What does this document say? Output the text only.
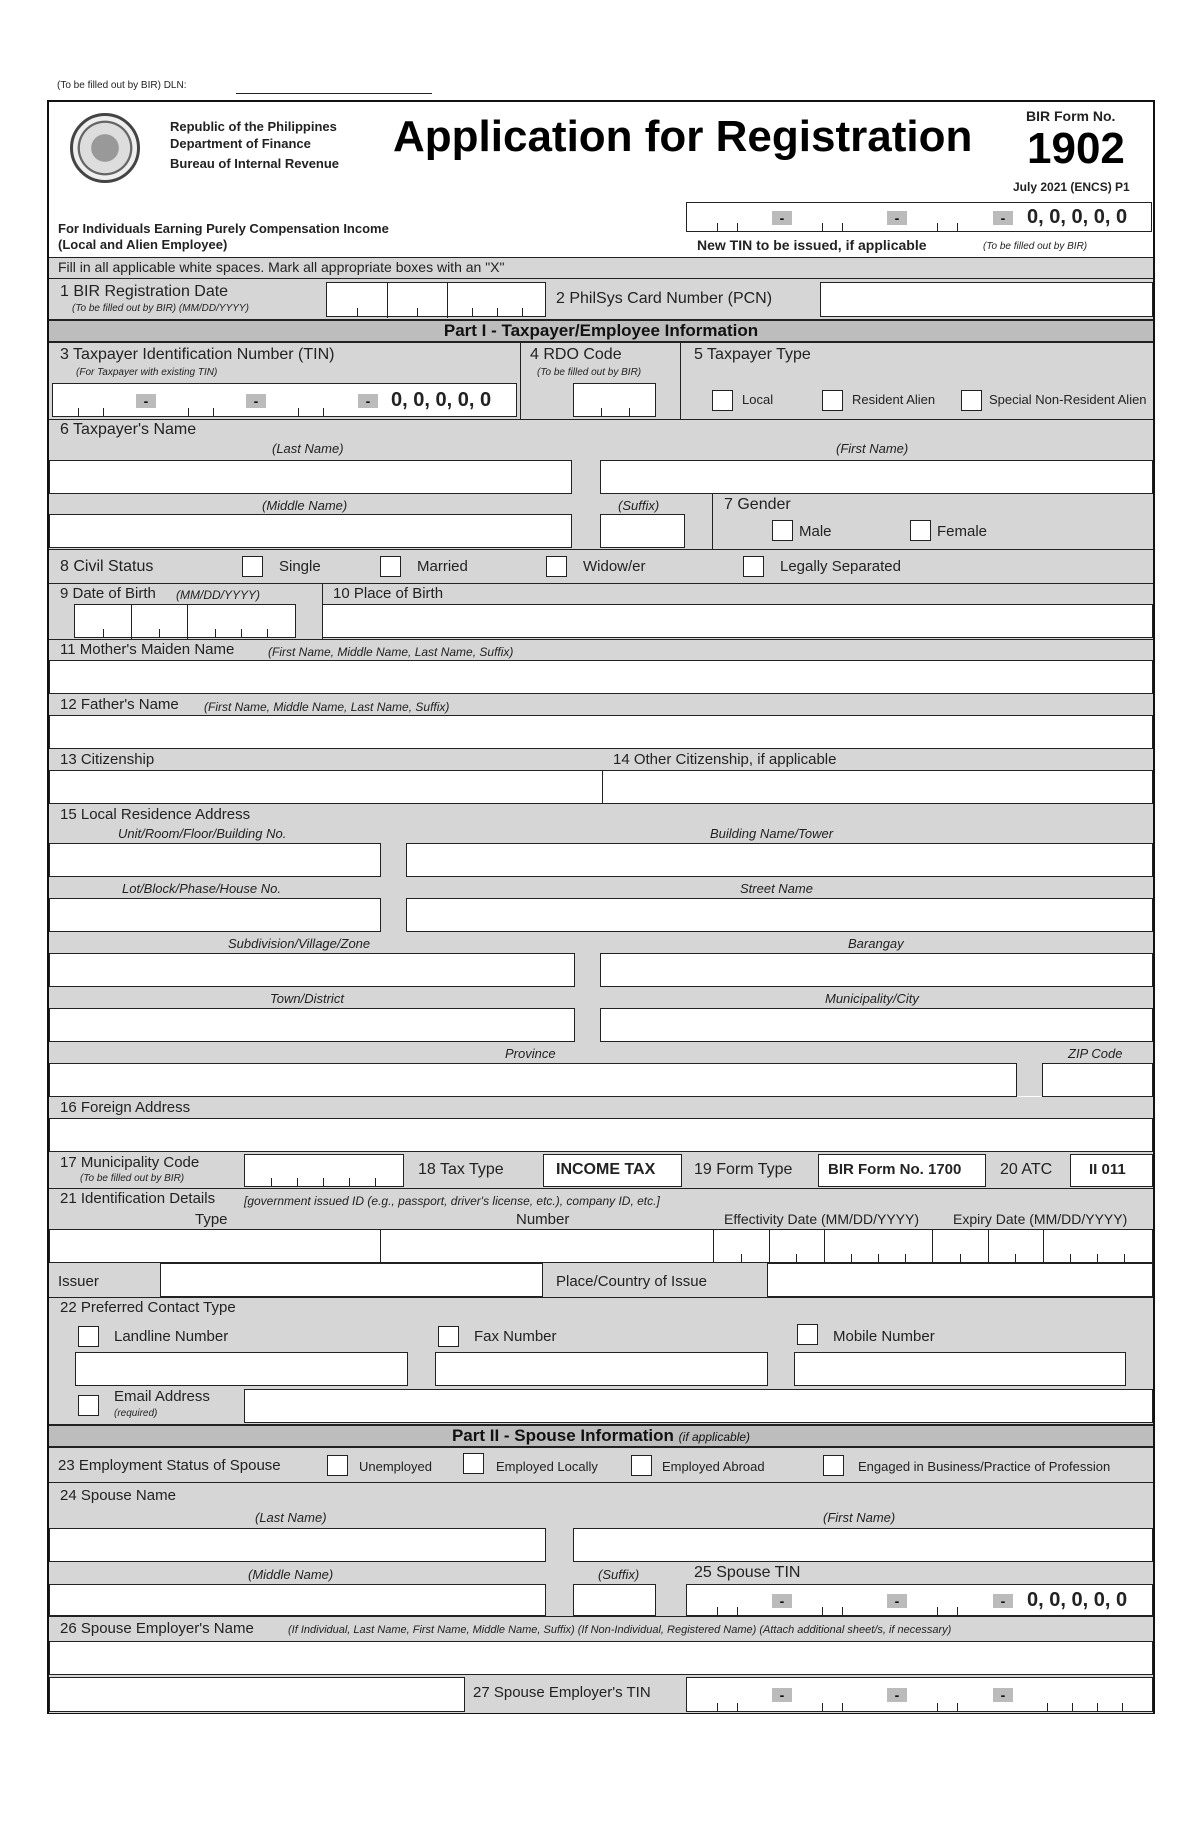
(To be filled out by BIR) DLN:
Republic of the Philippines
Department of Finance
Bureau of Internal Revenue
Application for Registration	BIR Form No.
1902
July 2021 (ENCS) P1
For Individuals Earning Purely Compensation Income
(Local and Alien Employee)
-	-	-	0, 0, 0, 0, 0
New TIN to be issued, if applicable	(To be filled out by BIR)
Fill in all applicable white spaces. Mark all appropriate boxes with an "X"
1 BIR Registration Date
(To be filled out by BIR) (MM/DD/YYYY)
2 PhilSys Card Number (PCN)
Part I - Taxpayer/Employee Information
3 Taxpayer Identification Number (TIN)
(For Taxpayer with existing TIN)
-	-	-	0, 0, 0, 0, 0
4 RDO Code
(To be filled out by BIR)
5 Taxpayer Type
Local	Resident Alien	Special Non-Resident Alien
6 Taxpayer's Name
(Last Name)	(First Name)
(Middle Name)	(Suffix)	7 Gender
Male	Female
8 Civil Status	Single	Married	Widow/er	Legally Separated
9 Date of Birth (MM/DD/YYYY)	10 Place of Birth
11 Mother's Maiden Name	(First Name, Middle Name, Last Name, Suffix)
12 Father's Name (First Name, Middle Name, Last Name, Suffix)
13 Citizenship	14 Other Citizenship, if applicable
15 Local Residence Address
Unit/Room/Floor/Building No.	Building Name/Tower
Lot/Block/Phase/House No.	Street Name
Subdivision/Village/Zone	Barangay
Town/District	Municipality/City
Province	ZIP Code
16 Foreign Address
17 Municipality Code
(To be filled out by BIR)
18 Tax Type	INCOME TAX 19 Form Type BIR Form No. 1700 20 ATC II 011
21 Identification Details [government issued ID (e.g., passport, driver's license, etc.), company ID, etc.]
Type	Number	Effectivity Date (MM/DD/YYYY) Expiry Date (MM/DD/YYYY)
Issuer	Place/Country of Issue
22 Preferred Contact Type
Landline Number	Fax Number	Mobile Number
Email Address
(required)
Part II - Spouse Information (if applicable)
23 Employment Status of Spouse	Unemployed	Employed Locally	Employed Abroad	Engaged in Business/Practice of Profession
24 Spouse Name
(Last Name)	(First Name)
(Middle Name)	(Suffix)	25 Spouse TIN
-	-	-	0, 0, 0, 0, 0
26 Spouse Employer's Name	(If Individual, Last Name, First Name, Middle Name, Suffix) (If Non-Individual, Registered Name) (Attach additional sheet/s, if necessary)
27 Spouse Employer's TIN	-	-	-
